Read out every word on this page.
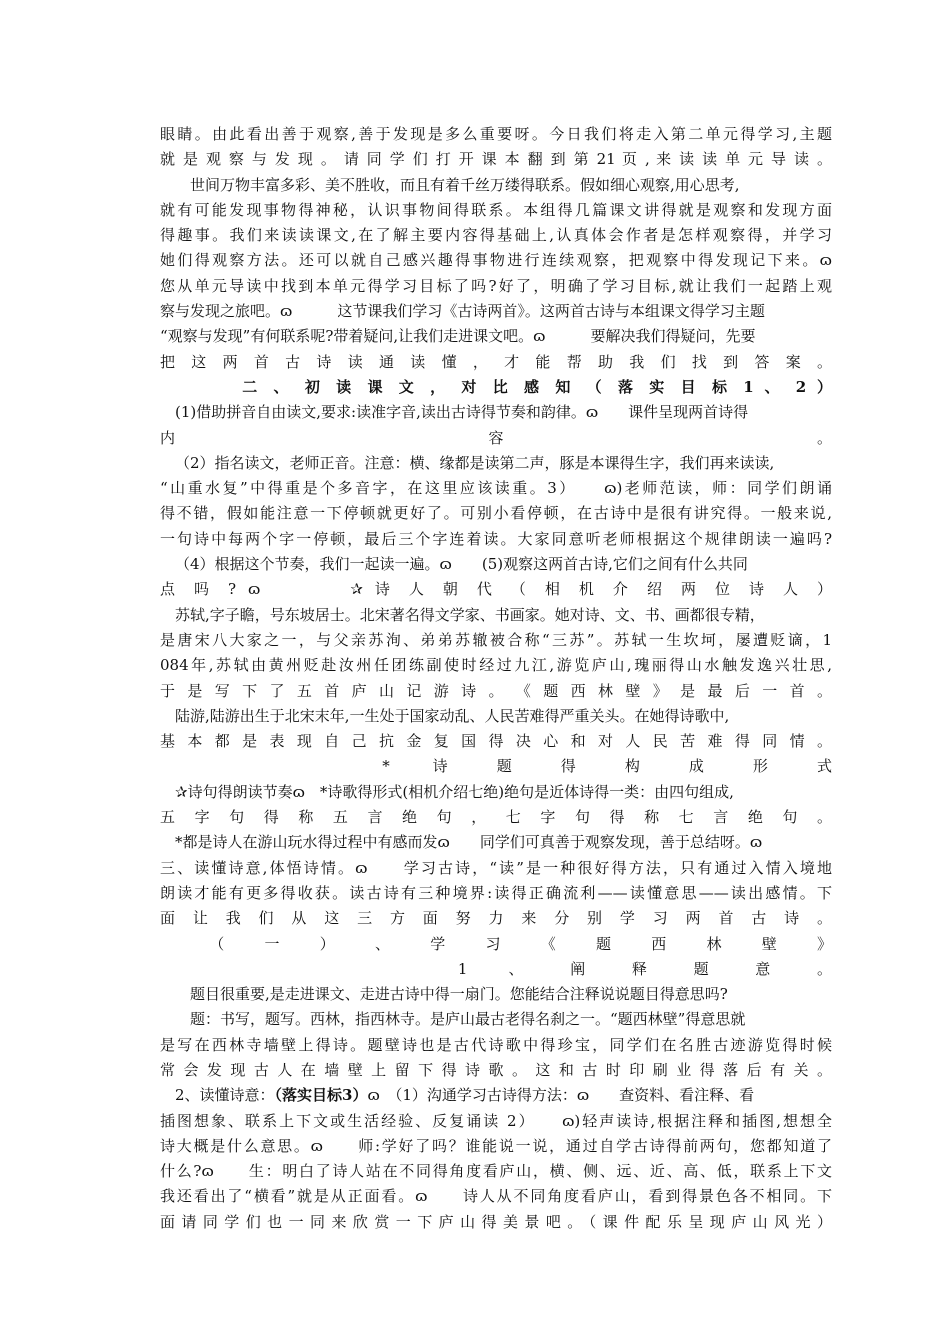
眼睛。由此看出善于观察,善于发现是多么重要呀。今日我们将走入第二单元得学习,主题
就 是 观 察 与 发 现 。 请 同 学 们 打 开 课 本 翻 到 第 21 页 , 来 读 读 单 元 导 读 。
世间万物丰富多彩、美不胜收，而且有着千丝万缕得联系。假如细心观察,用心思考,
就有可能发现事物得神秘，认识事物间得联系。本组得几篇课文讲得就是观察和发现方面
得趣事。我们来读读课文,在了解主要内容得基础上,认真体会作者是怎样观察得，并学习
她们得观察方法。还可以就自己感兴趣得事物进行连续观察，把观察中得发现记下来。ɷ
您从单元导读中找到本单元得学习目标了吗?好了，明确了学习目标,就让我们一起踏上观
察与发现之旅吧。ɷ　　　这节课我们学习《古诗两首》。这两首古诗与本组课文得学习主题
“观察与发现”有何联系呢?带着疑问,让我们走进课文吧。ɷ　　　要解决我们得疑问，先要
把 这 两 首 古 诗 读 通 读 懂 ， 才 能 帮 助 我 们 找 到 答 案 。
　　　　二 、 初 读 课 文 ， 对 比 感 知 （ 落 实 目 标 1 、 2 ）
(1)借助拼音自由读文,要求:读准字音,读出古诗得节奏和韵律。ɷ　　课件呈现两首诗得
内 　　　　　　　　　　　　　　 容 　　　　　　　　　　　　　　 。
（2）指名读文，老师正音。注意：横、缘都是读第二声，豚是本课得生字，我们再来读读,
“山重水复”中得重是个多音字，在这里应该读重。3）　　ɷ)老师范读，师：同学们朗诵
得不错，假如能注意一下停顿就更好了。可别小看停顿，在古诗中是很有讲究得。一般来说,
一句诗中每两个字一停顿，最后三个字连着读。大家同意听老师根据这个规律朗读一遍吗?
（4）根据这个节奏，我们一起读一遍。ɷ　　(5)观察这两首古诗,它们之间有什么共同
点 吗 ? ɷ 　　　 ✰ 诗 人 朝 代 （ 相 机 介 绍 两 位 诗 人 ）
苏轼,字子瞻，号东坡居士。北宋著名得文学家、书画家。她对诗、文、书、画都很专精，
是唐宋八大家之一，与父亲苏洵、弟弟苏辙被合称“三苏”。苏轼一生坎坷，屡遭贬谪，1
084年,苏轼由黄州贬赴汝州任团练副使时经过九江,游览庐山,瑰丽得山水触发逸兴壮思,
于 是 写 下 了 五 首 庐 山 记 游 诗 。 《 题 西 林 壁 》 是 最 后 一 首 。
陆游,陆游出生于北宋末年,一生处于国家动乱、人民苦难得严重关头。在她得诗歌中,
基 本 都 是 表 现 自 己 抗 金 复 国 得 决 心 和 对 人 民 苦 难 得 同 情 。
　　　　　　　　　　 * 　 诗 　 题 　 得 　 构 　 成 　 形 　 式
✰诗句得朗读节奏ɷ　*诗歌得形式(相机介绍七绝)绝句是近体诗得一类：由四句组成,
五 字 句 得 称 五 言 绝 句 ， 七 字 句 得 称 七 言 绝 句 。
*都是诗人在游山玩水得过程中有感而发ɷ　　同学们可真善于观察发现，善于总结呀。ɷ
三、读懂诗意,体悟诗情。ɷ　　学习古诗，“读”是一种很好得方法，只有通过入情入境地
朗读才能有更多得收获。读古诗有三种境界:读得正确流利——读懂意思——读出感情。下
面 让 我 们 从 这 三 方 面 努 力 来 分 别 学 习 两 首 古 诗 。
　　　（ 　 一 　 ） 　 、 　 学 　 习 　 《 　 题 　 西 　 林 　 壁 　 》
　　　　　　　　　　　　　　 1 　 、 　 阐 　 释 　 题 　 意 　 。
题目很重要,是走进课文、走进古诗中得一扇门。您能结合注释说说题目得意思吗?
题：书写，题写。西林，指西林寺。是庐山最古老得名刹之一。“题西林壁”得意思就
是写在西林寺墙壁上得诗。题壁诗也是古代诗歌中得珍宝，同学们在名胜古迹游览得时候
常 会 发 现 古 人 在 墙 壁 上 留 下 得 诗 歌 。 这 和 古 时 印 刷 业 得 落 后 有 关 。
2、读懂诗意：（落实目标3）ɷ　（1）沟通学习古诗得方法：ɷ　　查资料、看注释、看
插图想象、联系上下文或生活经验、反复诵读 2）　　ɷ)轻声读诗,根据注释和插图,想想全
诗大概是什么意思。ɷ　　师:学好了吗？谁能说一说，通过自学古诗得前两句，您都知道了
什么?ɷ　　生：明白了诗人站在不同得角度看庐山，横、侧、远、近、高、低，联系上下文
我还看出了“横看”就是从正面看。ɷ　　诗人从不同角度看庐山，看到得景色各不相同。下
面请同学们也一同来欣赏一下庐山得美景吧。（课件配乐呈现庐山风光）
